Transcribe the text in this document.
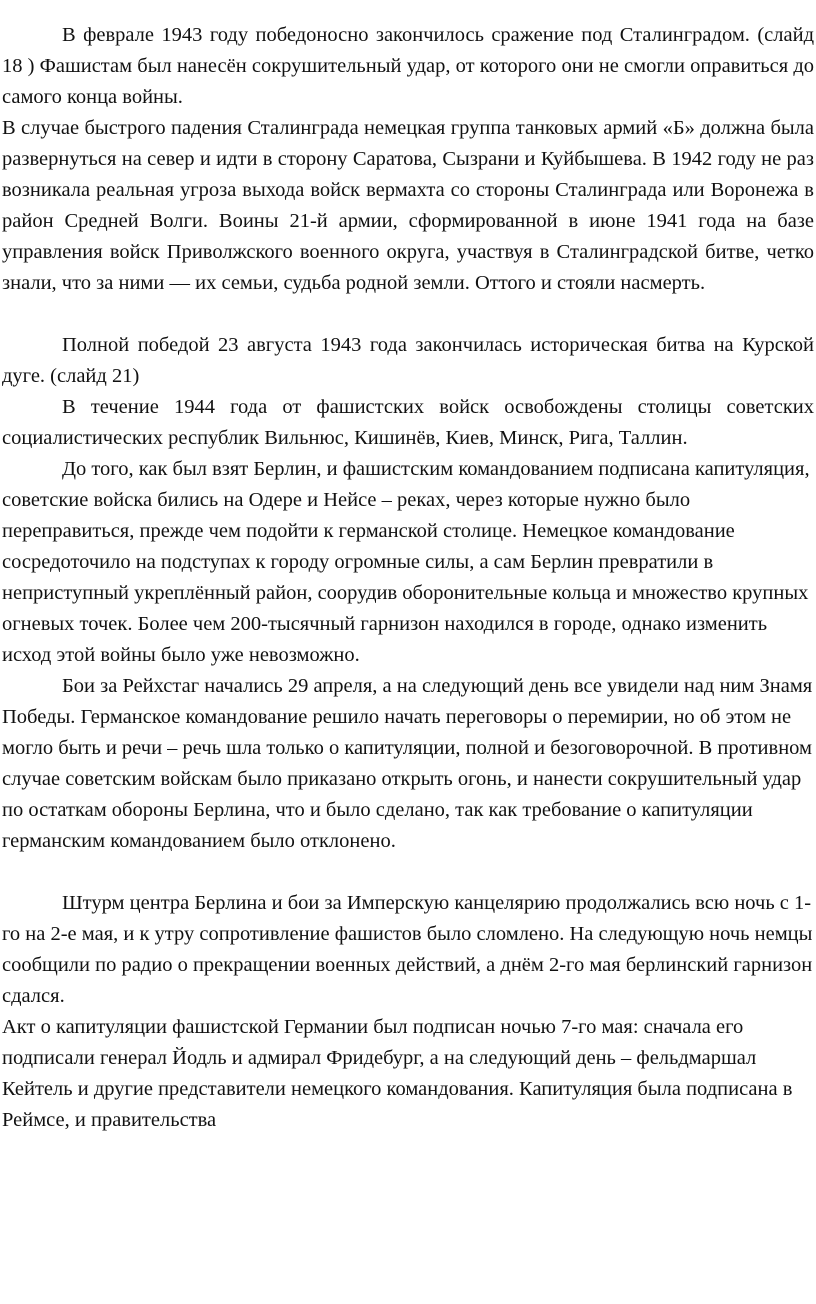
В феврале 1943 году победоносно закончилось сражение под Сталинградом. (слайд 18 ) Фашистам был нанесён сокрушительный удар, от которого они не смогли оправиться до самого конца войны.

В случае быстрого падения Сталинграда немецкая группа танковых армий «Б» должна была развернуться на север и идти в сторону Саратова, Сызрани и Куйбышева. В 1942 году не раз возникала реальная угроза выхода войск вермахта со стороны Сталинграда или Воронежа в район Средней Волги. Воины 21-й армии, сформированной в июне 1941 года на базе управления войск Приволжского военного округа, участвуя в Сталинградской битве, четко знали, что за ними — их семьи, судьба родной земли. Оттого и стояли насмерть.

Полной победой 23 августа 1943 года закончилась историческая битва на Курской дуге. (слайд 21)

В течение 1944 года от фашистских войск освобождены столицы советских социалистических республик Вильнюс, Кишинёв, Киев, Минск, Рига, Таллин.

До того, как был взят Берлин, и фашистским командованием подписана капитуляция, советские войска бились на Одере и Нейсе – реках, через которые нужно было переправиться, прежде чем подойти к германской столице. Немецкое командование сосредоточило на подступах к городу огромные силы, а сам Берлин превратили в неприступный укреплённый район, соорудив оборонительные кольца и множество крупных огневых точек. Более чем 200-тысячный гарнизон находился в городе, однако изменить исход этой войны было уже невозможно.

Бои за Рейхстаг начались 29 апреля, а на следующий день все увидели над ним Знамя Победы. Германское командование решило начать переговоры о перемирии, но об этом не могло быть и речи – речь шла только о капитуляции, полной и безоговорочной. В противном случае советским войскам было приказано открыть огонь, и нанести сокрушительный удар по остаткам обороны Берлина, что и было сделано, так как требование о капитуляции германским командованием было отклонено.

Штурм центра Берлина и бои за Имперскую канцелярию продолжались всю ночь с 1-го на 2-е мая, и к утру сопротивление фашистов было сломлено. На следующую ночь немцы сообщили по радио о прекращении военных действий, а днём 2-го мая берлинский гарнизон сдался.

Акт о капитуляции фашистской Германии был подписан ночью 7-го мая: сначала его подписали генерал Йодль и адмирал Фридебург, а на следующий день – фельдмаршал Кейтель и другие представители немецкого командования. Капитуляция была подписана в Реймсе, и правительства
